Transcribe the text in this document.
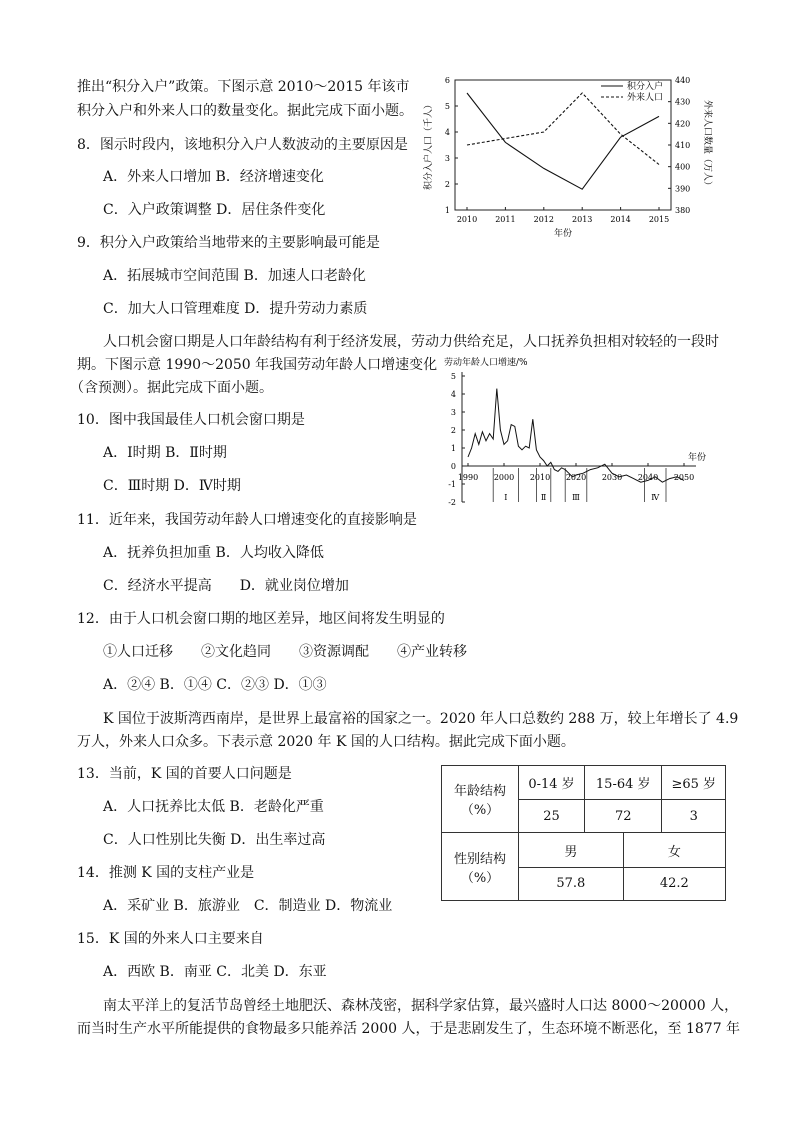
推出“积分入户”政策。下图示意 2010～2015 年该市
积分入户和外来人口的数量变化。据此完成下面小题。
8．图示时段内，该地积分入户人数波动的主要原因是
A．外来人口增加 B．经济增速变化
C．入户政策调整 D．居住条件变化
9．积分入户政策给当地带来的主要影响最可能是
A．拓展城市空间范围 B．加速人口老龄化
C．加大人口管理难度 D．提升劳动力素质
1
2
3
4
5
6
380
390
400
410
420
430
440
2010 2011 2012 2013 2014 2015
年份
积分入户人口（千人）	外来人口数量（万人）
积分入户
外来人口
人口机会窗口期是人口年龄结构有利于经济发展，劳动力供给充足，人口抚养负担相对较轻的一段时
期。下图示意 1990～2050 年我国劳动年龄人口增速变化
（含预测）。据此完成下面小题。
10．图中我国最佳人口机会窗口期是
A．Ⅰ时期 B．Ⅱ时期
C．Ⅲ时期 D．Ⅳ时期
11．近年来，我国劳动年龄人口增速变化的直接影响是
A．抚养负担加重 B．人均收入降低
C．经济水平提高　　D．就业岗位增加
12．由于人口机会窗口期的地区差异，地区间将发生明显的
①人口迁移　　②文化趋同　　③资源调配　　④产业转移
A．②④ B．①④ C．②③ D．①③
劳动年龄人口增速/%
年份
-2
-1
0
1
2
3
4
5
1990 2000 2010 2020 2030 2040 2050
Ⅰ	Ⅱ	Ⅲ	Ⅳ
K 国位于波斯湾西南岸，是世界上最富裕的国家之一。2020 年人口总数约 288 万，较上年增长了 4.9
万人，外来人口众多。下表示意 2020 年 K 国的人口结构。据此完成下面小题。
13．当前，K 国的首要人口问题是
A．人口抚养比太低 B．老龄化严重
C．人口性别比失衡 D．出生率过高
14．推测 K 国的支柱产业是
A．采矿业 B．旅游业　C．制造业 D．物流业
15．K 国的外来人口主要来自
A．西欧 B．南亚 C．北美 D．东亚
年龄结构
（%）	0-14 岁	15-64 岁		≥65 岁
	25	72		3

性别结构
（%）	男		女	
	57.8		42.2	
南太平洋上的复活节岛曾经土地肥沃、森林茂密，据科学家估算，最兴盛时人口达 8000～20000 人，
而当时生产水平所能提供的食物最多只能养活 2000 人，于是悲剧发生了，生态环境不断恶化，至 1877 年
